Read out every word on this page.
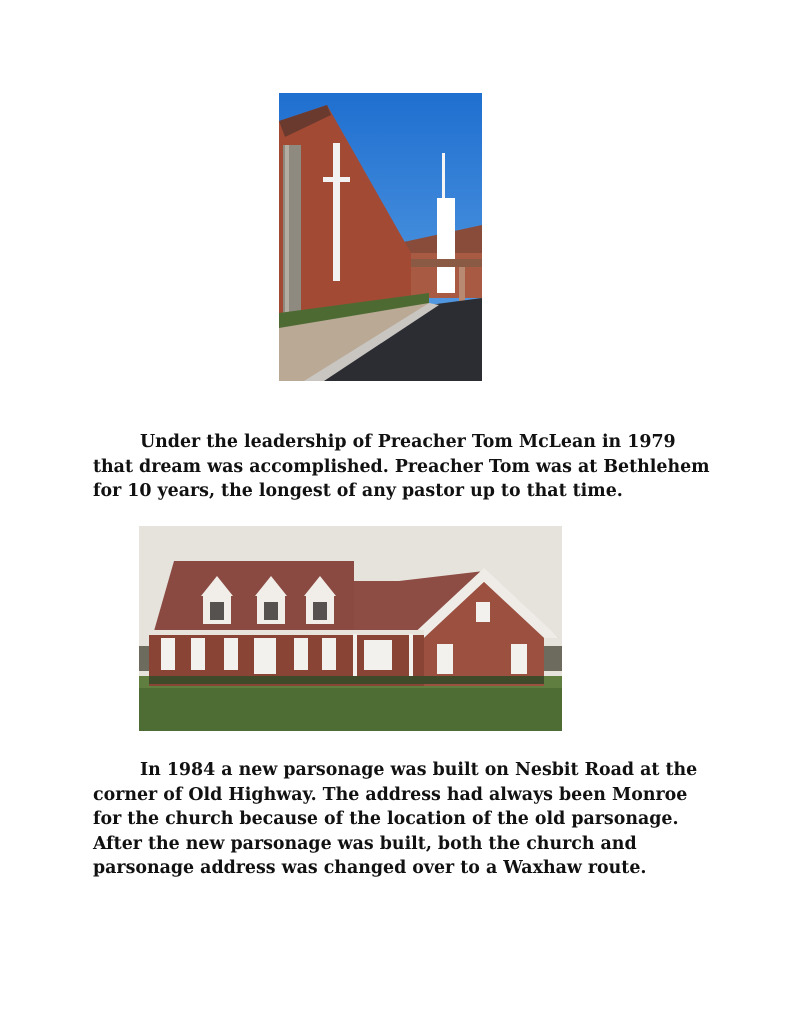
Under the leadership of Preacher Tom McLean in 1979 that dream was accomplished. Preacher Tom was at Bethlehem for 10 years, the longest of any pastor up to that time.

In 1984 a new parsonage was built on Nesbit Road at the corner of Old Highway. The address had always been Monroe for the church because of the location of the old parsonage. After the new parsonage was built, both the church and parsonage address was changed over to a Waxhaw route.
